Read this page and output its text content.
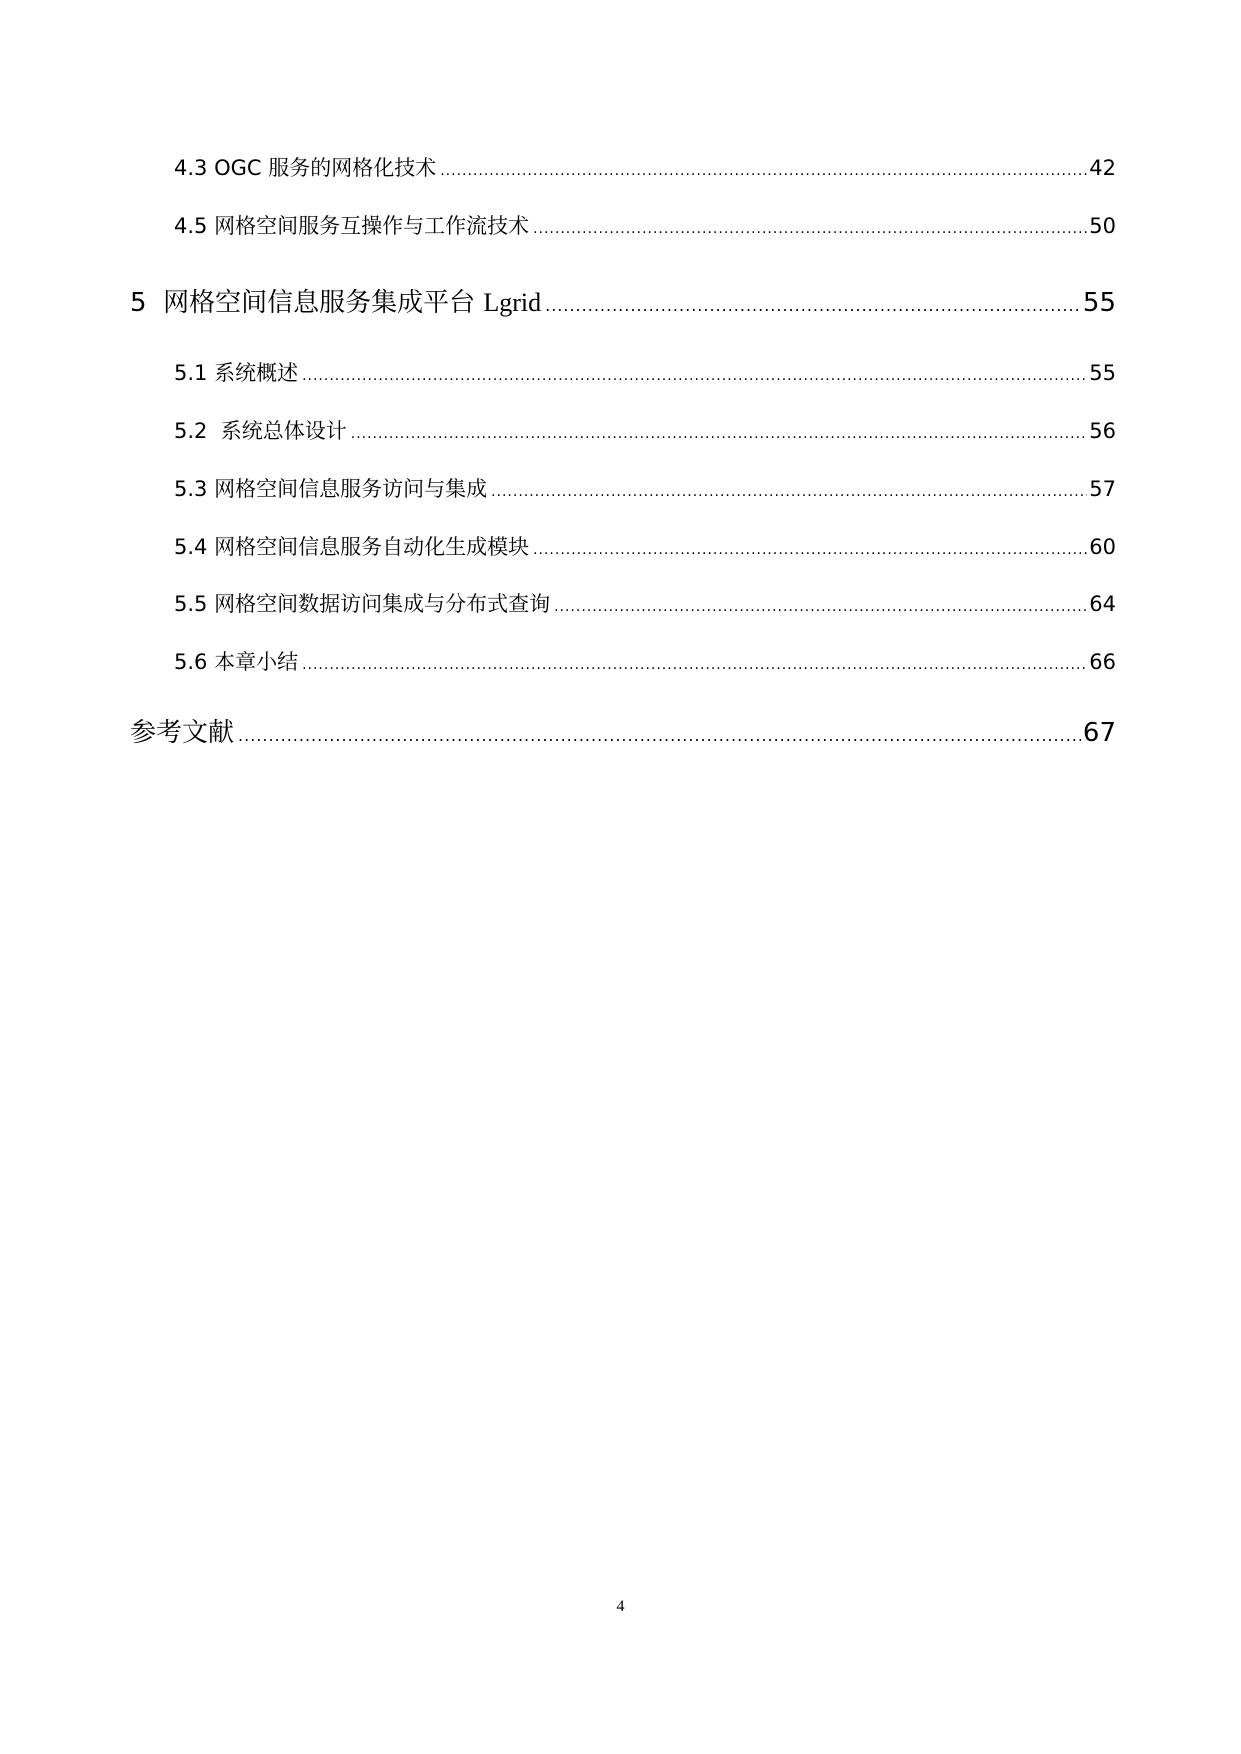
4.3 OGC 服务的网格化技术 .....	42
4.5 网格空间服务互操作与工作流技术 .....	50
5 网格空间信息服务集成平台 Lgrid .....	55
5.1 系统概述 .....	55
5.2  系统总体设计 .....	56
5.3 网格空间信息服务访问与集成 .....	57
5.4 网格空间信息服务自动化生成模块 .....	60
5.5 网格空间数据访问集成与分布式查询 .....	64
5.6 本章小结 .....	66
参考文献 .....	67
4
